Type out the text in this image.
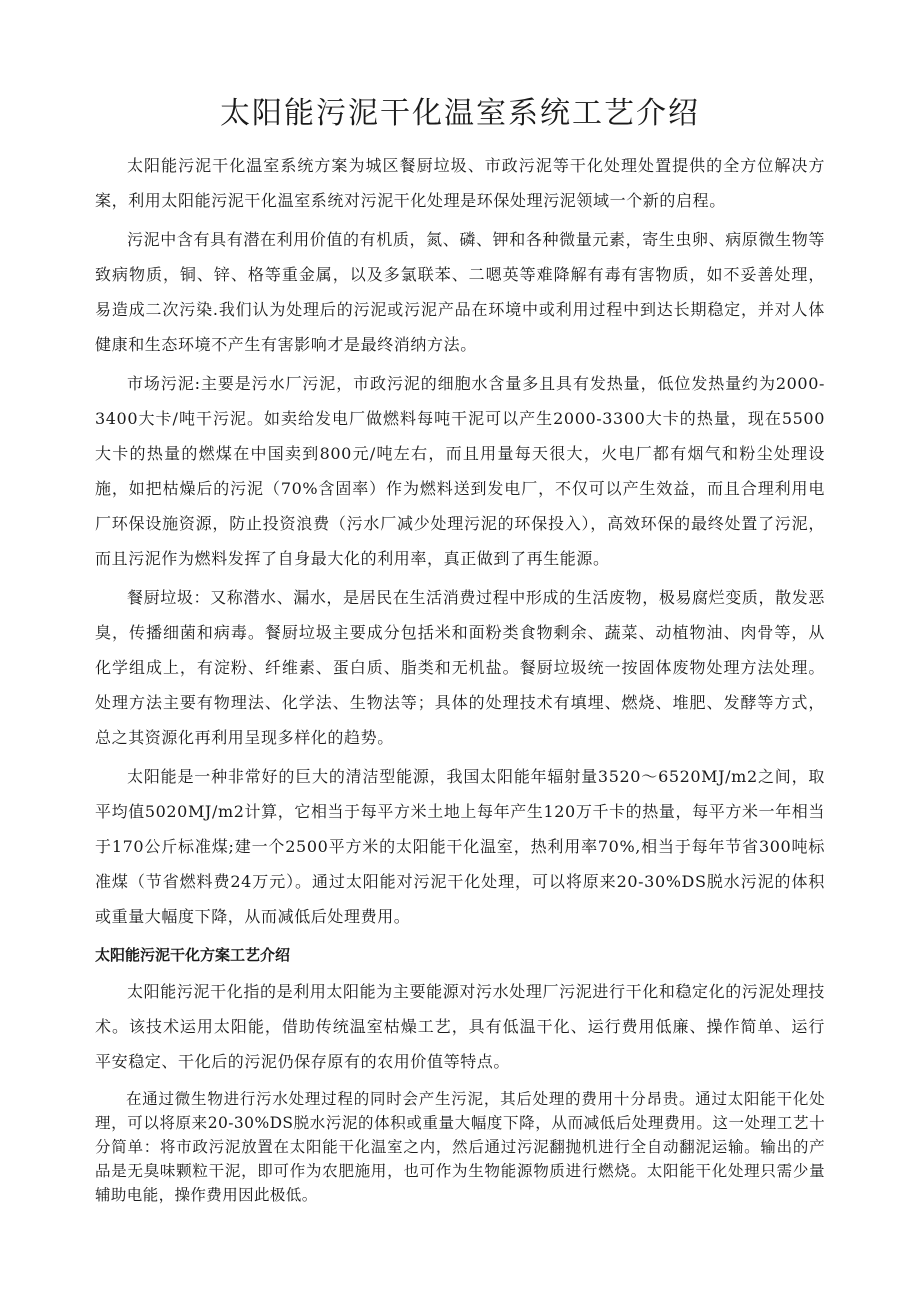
太阳能污泥干化温室系统工艺介绍

太阳能污泥干化温室系统方案为城区餐厨垃圾、市政污泥等干化处理处置提供的全方位解决方案，利用太阳能污泥干化温室系统对污泥干化处理是环保处理污泥领域一个新的启程。

污泥中含有具有潜在利用价值的有机质，氮、磷、钾和各种微量元素，寄生虫卵、病原微生物等致病物质，铜、锌、格等重金属，以及多氯联苯、二嗯英等难降解有毒有害物质，如不妥善处理，易造成二次污染.我们认为处理后的污泥或污泥产品在环境中或利用过程中到达长期稳定，并对人体健康和生态环境不产生有害影响才是最终消纳方法。

市场污泥:主要是污水厂污泥，市政污泥的细胞水含量多且具有发热量，低位发热量约为2000-3400大卡/吨干污泥。如卖给发电厂做燃料每吨干泥可以产生2000-3300大卡的热量，现在5500大卡的热量的燃煤在中国卖到800元/吨左右，而且用量每天很大，火电厂都有烟气和粉尘处理设施，如把枯燥后的污泥（70%含固率）作为燃料送到发电厂，不仅可以产生效益，而且合理利用电厂环保设施资源，防止投资浪费（污水厂减少处理污泥的环保投入），高效环保的最终处置了污泥，而且污泥作为燃料发挥了自身最大化的利用率，真正做到了再生能源。

餐厨垃圾：又称潜水、漏水，是居民在生活消费过程中形成的生活废物，极易腐烂变质，散发恶臭，传播细菌和病毒。餐厨垃圾主要成分包括米和面粉类食物剩余、蔬菜、动植物油、肉骨等，从化学组成上，有淀粉、纤维素、蛋白质、脂类和无机盐。餐厨垃圾统一按固体废物处理方法处理。处理方法主要有物理法、化学法、生物法等；具体的处理技术有填埋、燃烧、堆肥、发酵等方式，总之其资源化再利用呈现多样化的趋势。

太阳能是一种非常好的巨大的清洁型能源，我国太阳能年辐射量3520～6520MJ∕m2之间，取平均值5020MJ∕m2计算，它相当于每平方米土地上每年产生120万千卡的热量，每平方米一年相当于170公斤标准煤;建一个2500平方米的太阳能干化温室，热利用率70%,相当于每年节省300吨标准煤（节省燃料费24万元）。通过太阳能对污泥干化处理，可以将原来20-30%DS脱水污泥的体积或重量大幅度下降，从而减低后处理费用。

太阳能污泥干化方案工艺介绍

太阳能污泥干化指的是利用太阳能为主要能源对污水处理厂污泥进行干化和稳定化的污泥处理技术。该技术运用太阳能，借助传统温室枯燥工艺，具有低温干化、运行费用低廉、操作简单、运行平安稳定、干化后的污泥仍保存原有的农用价值等特点。

在通过微生物进行污水处理过程的同时会产生污泥，其后处理的费用十分昂贵。通过太阳能干化处理，可以将原来20-30%DS脱水污泥的体积或重量大幅度下降，从而减低后处理费用。这一处理工艺十分简单：将市政污泥放置在太阳能干化温室之内，然后通过污泥翻抛机进行全自动翻泥运输。输出的产品是无臭味颗粒干泥，即可作为农肥施用，也可作为生物能源物质进行燃烧。太阳能干化处理只需少量辅助电能，操作费用因此极低。
